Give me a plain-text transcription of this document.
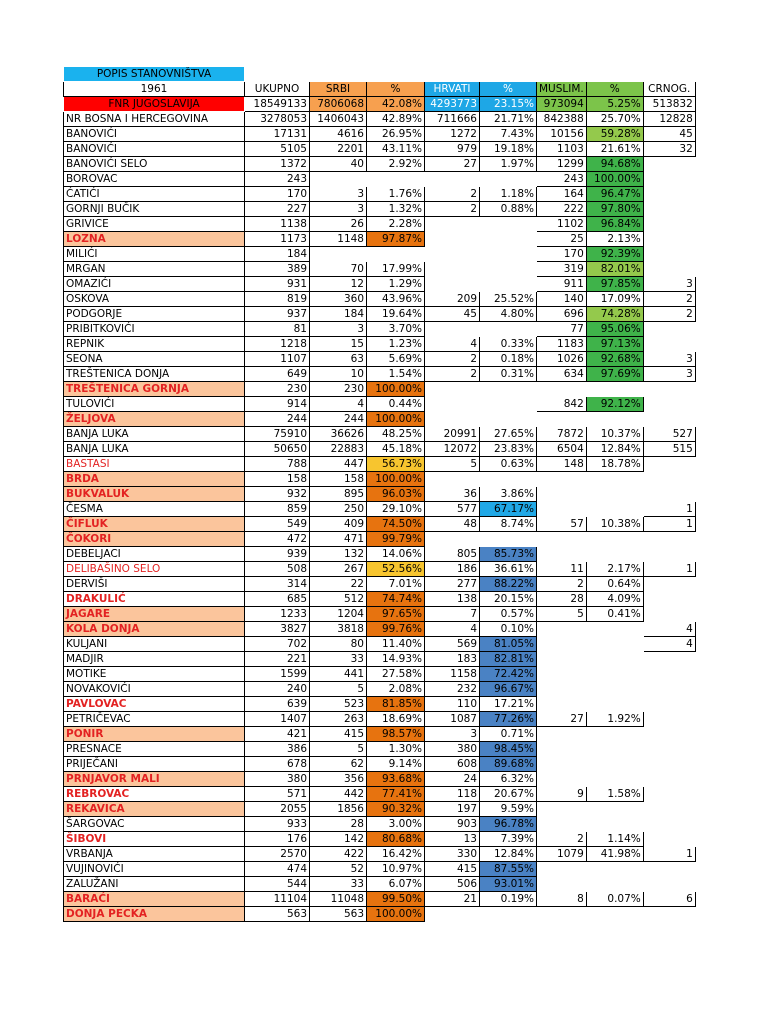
POPIS STANOVNIŠTVA								
1961	UKUPNO	SRBI	%	HRVATI	%	MUSLIM.	%	CRNOG.
FNR JUGOSLAVIJA	18549133	7806068	42.08%	4293773	23.15%	973094	5.25%	513832
NR BOSNA I HERCEGOVINA	3278053	1406043	42.89%	711666	21.71%	842388	25.70%	12828
BANOVIĆI	17131	4616	26.95%	1272	7.43%	10156	59.28%	45
BANOVIĆI	5105	2201	43.11%	979	19.18%	1103	21.61%	32
BANOVIĆI SELO	1372	40	2.92%	27	1.97%	1299	94.68%	
BOROVAC	243					243	100.00%	
ĆATIĆI	170	3	1.76%	2	1.18%	164	96.47%	
GORNJI BUČIK	227	3	1.32%	2	0.88%	222	97.80%	
GRIVICE	1138	26	2.28%			1102	96.84%	
LOZNA	1173	1148	97.87%			25	2.13%	
MILIĆI	184					170	92.39%	
MRGAN	389	70	17.99%			319	82.01%	
OMAZIĆI	931	12	1.29%			911	97.85%	3
OSKOVA	819	360	43.96%	209	25.52%	140	17.09%	2
PODGORJE	937	184	19.64%	45	4.80%	696	74.28%	2
PRIBITKOVIĆI	81	3	3.70%			77	95.06%	
REPNIK	1218	15	1.23%	4	0.33%	1183	97.13%	
SEONA	1107	63	5.69%	2	0.18%	1026	92.68%	3
TREŠTENICA DONJA	649	10	1.54%	2	0.31%	634	97.69%	3
TREŠTENICA GORNJA	230	230	100.00%					
TULOVIĆI	914	4	0.44%			842	92.12%	
ŽELJOVA	244	244	100.00%					
BANJA LUKA	75910	36626	48.25%	20991	27.65%	7872	10.37%	527
BANJA LUKA	50650	22883	45.18%	12072	23.83%	6504	12.84%	515
BASTASI	788	447	56.73%	5	0.63%	148	18.78%	
BRDA	158	158	100.00%					
BUKVALUK	932	895	96.03%	36	3.86%			
ČESMA	859	250	29.10%	577	67.17%			1
ČIFLUK	549	409	74.50%	48	8.74%	57	10.38%	1
ČOKORI	472	471	99.79%					
DEBELJACI	939	132	14.06%	805	85.73%			
DELIBAŠINO SELO	508	267	52.56%	186	36.61%	11	2.17%	1
DERVIŠI	314	22	7.01%	277	88.22%	2	0.64%	
DRAKULIĆ	685	512	74.74%	138	20.15%	28	4.09%	
JAGARE	1233	1204	97.65%	7	0.57%	5	0.41%	
KOLA DONJA	3827	3818	99.76%	4	0.10%			4
KULJANI	702	80	11.40%	569	81.05%			4
MADJIR	221	33	14.93%	183	82.81%			
MOTIKE	1599	441	27.58%	1158	72.42%			
NOVAKOVIĆI	240	5	2.08%	232	96.67%			
PAVLOVAC	639	523	81.85%	110	17.21%			
PETRIČEVAC	1407	263	18.69%	1087	77.26%	27	1.92%	
PONIR	421	415	98.57%	3	0.71%			
PRESNACE	386	5	1.30%	380	98.45%			
PRIJEČANI	678	62	9.14%	608	89.68%			
PRNJAVOR MALI	380	356	93.68%	24	6.32%			
REBROVAC	571	442	77.41%	118	20.67%	9	1.58%	
REKAVICA	2055	1856	90.32%	197	9.59%			
ŠARGOVAC	933	28	3.00%	903	96.78%			
ŠIBOVI	176	142	80.68%	13	7.39%	2	1.14%	
VRBANJA	2570	422	16.42%	330	12.84%	1079	41.98%	1
VUJINOVIĆI	474	52	10.97%	415	87.55%			
ZALUŽANI	544	33	6.07%	506	93.01%			
BARAĆI	11104	11048	99.50%	21	0.19%	8	0.07%	6
DONJA PECKA	563	563	100.00%					
